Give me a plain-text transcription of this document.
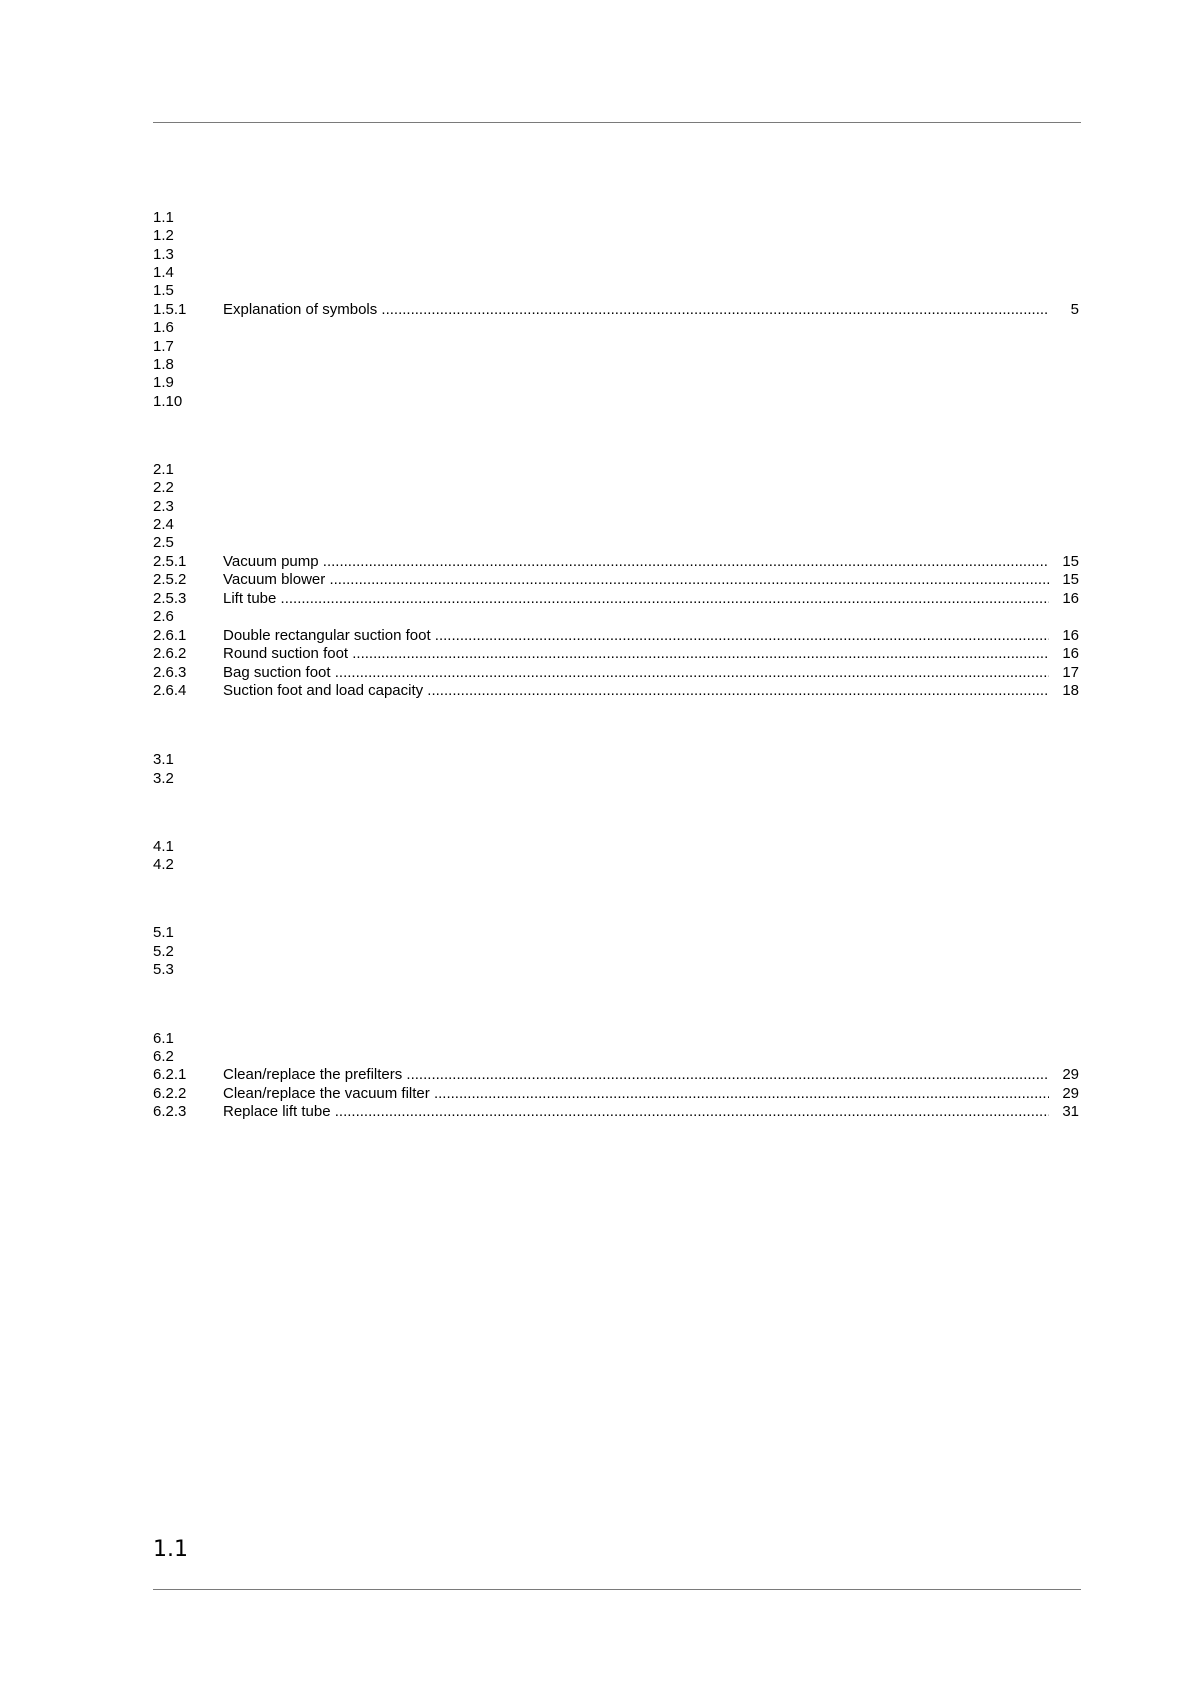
1.1
1.2
1.3
1.4
1.5
1.5.1 Explanation of symbols .....	5
1.6
1.7
1.8
1.9
1.10
2.1
2.2
2.3
2.4
2.5
2.5.1 Vacuum pump .....	15
2.5.2 Vacuum blower .....	15
2.5.3 Lift tube .....	16
2.6
2.6.1 Double rectangular suction foot .....	16
2.6.2 Round suction foot .....	16
2.6.3 Bag suction foot .....	17
2.6.4 Suction foot and load capacity .....	18
3.1
3.2
4.1
4.2
5.1
5.2
5.3
6.1
6.2
6.2.1 Clean/replace the prefilters .....	29
6.2.2 Clean/replace the vacuum filter .....	29
6.2.3 Replace lift tube .....	31
1.1
